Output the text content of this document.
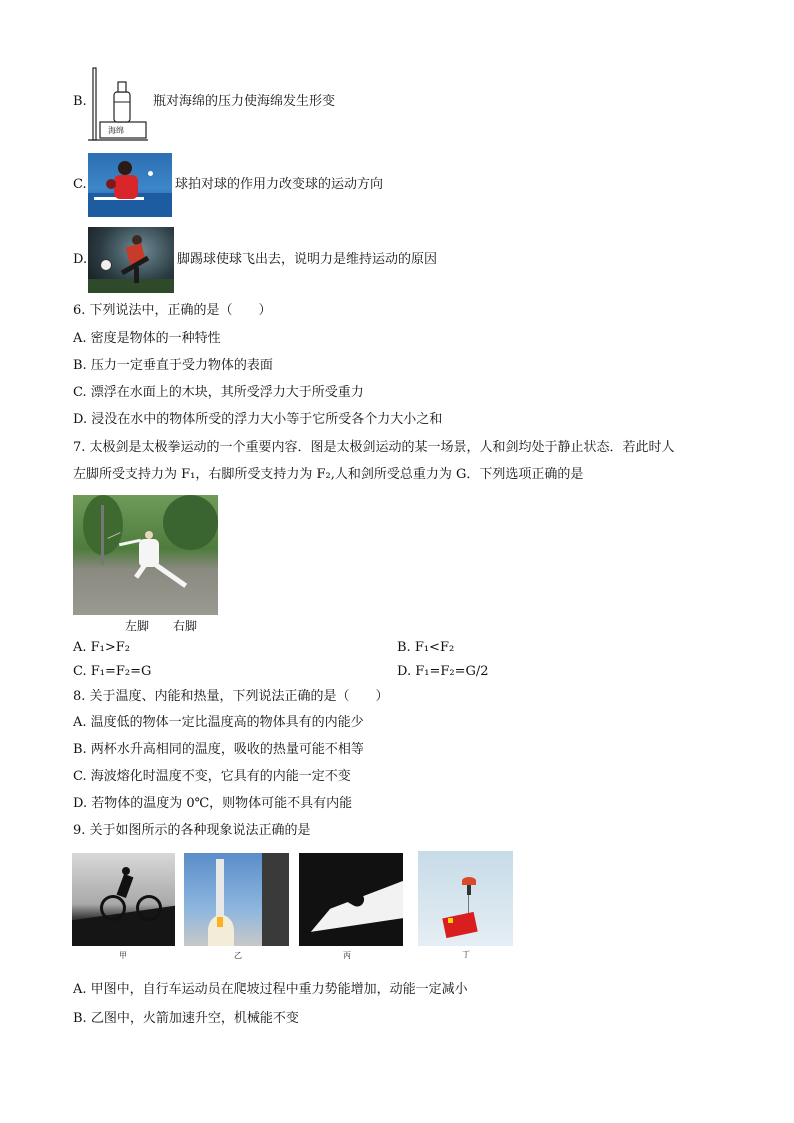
B.
海绵
瓶对海绵的压力使海绵发生形变
C.	球拍对球的作用力改变球的运动方向
D.	脚踢球使球飞出去，说明力是维持运动的原因
6. 下列说法中，正确的是（　　）
A. 密度是物体的一种特性
B. 压力一定垂直于受力物体的表面
C. 漂浮在水面上的木块，其所受浮力大于所受重力
D. 浸没在水中的物体所受的浮力大小等于它所受各个力大小之和
7. 太极剑是太极拳运动的一个重要内容．图是太极剑运动的某一场景，人和剑均处于静止状态．若此时人
左脚所受支持力为 F₁，右脚所受支持力为 F₂,人和剑所受总重力为 G．下列选项正确的是
左脚 右脚
A. F₁>F₂	B. F₁<F₂
C. F₁=F₂=G	D. F₁=F₂=G/2
8. 关于温度、内能和热量，下列说法正确的是（　　）
A. 温度低的物体一定比温度高的物体具有的内能少
B. 两杯水升高相同的温度，吸收的热量可能不相等
C. 海波熔化时温度不变，它具有的内能一定不变
D. 若物体的温度为 0℃，则物体可能不具有内能
9. 关于如图所示的各种现象说法正确的是
甲	乙	丙	丁
A. 甲图中，自行车运动员在爬坡过程中重力势能增加，动能一定减小
B. 乙图中，火箭加速升空，机械能不变
